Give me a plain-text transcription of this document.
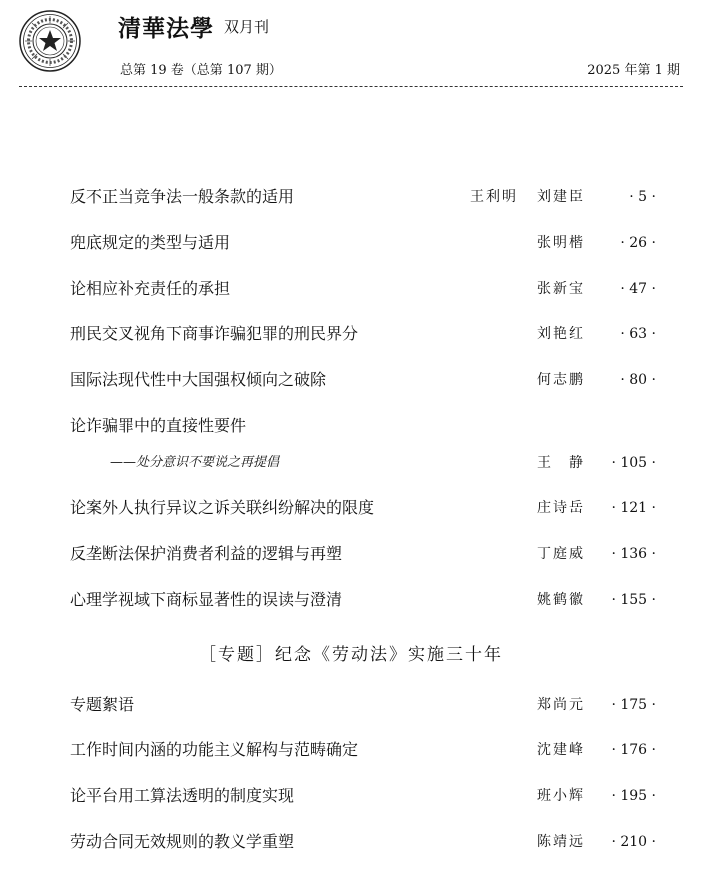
清華法學 双月刊
总第 19 卷（总第 107 期）	2025 年第 1 期
反不正当竞争法一般条款的适用	王利明 刘建臣	· 5 ·
兜底规定的类型与适用	张明楷	· 26 ·
论相应补充责任的承担	张新宝	· 47 ·
刑民交叉视角下商事诈骗犯罪的刑民界分	刘艳红	· 63 ·
国际法现代性中大国强权倾向之破除	何志鹏	· 80 ·
论诈骗罪中的直接性要件
——处分意识不要说之再提倡	王　静 · 105 ·
论案外人执行异议之诉关联纠纷解决的限度	庄诗岳 · 121 ·
反垄断法保护消费者利益的逻辑与再塑	丁庭威 · 136 ·
心理学视域下商标显著性的误读与澄清	姚鹤徽 · 155 ·
［专题］纪念《劳动法》实施三十年
专题絮语	郑尚元 · 175 ·
工作时间内涵的功能主义解构与范畴确定	沈建峰 · 176 ·
论平台用工算法透明的制度实现	班小辉 · 195 ·
劳动合同无效规则的教义学重塑	陈靖远 · 210 ·
